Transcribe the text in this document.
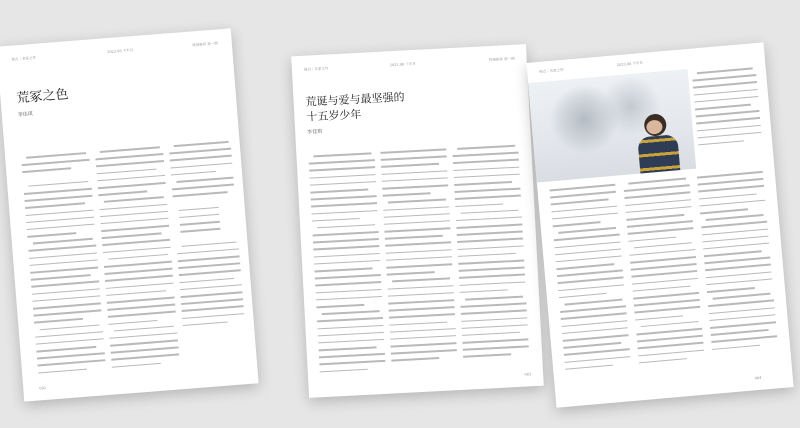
视点｜名家之作
2023.08 下半月
特别推荐 第一期
荒冢之色
李佳琪
082
视点｜名家之作
2023.08 下半月
特别推荐 第一期
荒诞与爱与最坚强的
十五岁少年
李佳琪
083
视点｜名家之作
2023.08 下半月
084
